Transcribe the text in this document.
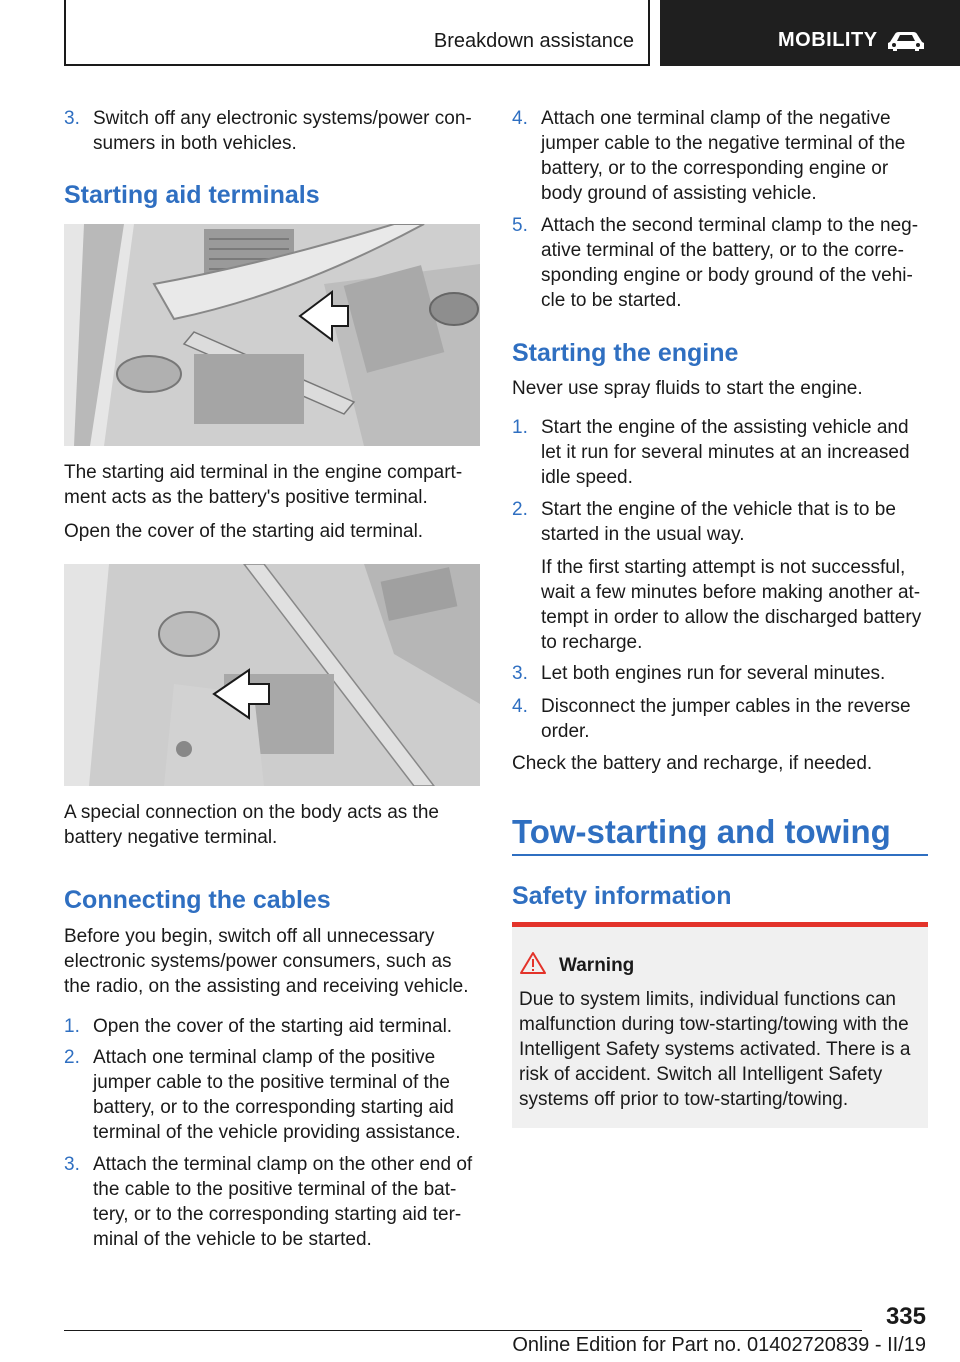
Breakdown assistance	MOBILITY
3. Switch off any electronic systems/power con-sumers in both vehicles.
Starting aid terminals
The starting aid terminal in the engine compart-ment acts as the battery's positive terminal.
Open the cover of the starting aid terminal.
A special connection on the body acts as the battery negative terminal.
Connecting the cables
Before you begin, switch off all unnecessary electronic systems/power consumers, such as the radio, on the assisting and receiving vehicle.
1. Open the cover of the starting aid terminal.
2. Attach one terminal clamp of the positive jumper cable to the positive terminal of the battery, or to the corresponding starting aid terminal of the vehicle providing assistance.
3. Attach the terminal clamp on the other end of the cable to the positive terminal of the bat-tery, or to the corresponding starting aid ter-minal of the vehicle to be started.
4. Attach one terminal clamp of the negative jumper cable to the negative terminal of the battery, or to the corresponding engine or body ground of assisting vehicle.
5. Attach the second terminal clamp to the neg-ative terminal of the battery, or to the corre-sponding engine or body ground of the vehi-cle to be started.
Starting the engine
Never use spray fluids to start the engine.
1. Start the engine of the assisting vehicle and let it run for several minutes at an increased idle speed.
2. Start the engine of the vehicle that is to be started in the usual way.
If the first starting attempt is not successful, wait a few minutes before making another at-tempt in order to allow the discharged battery to recharge.
3. Let both engines run for several minutes.
4. Disconnect the jumper cables in the reverse order.
Check the battery and recharge, if needed.
Tow-starting and towing
Safety information
Warning
Due to system limits, individual functions can malfunction during tow-starting/towing with the Intelligent Safety systems activated. There is a risk of accident. Switch all Intelligent Safety systems off prior to tow-starting/towing.
335
Online Edition for Part no. 01402720839 - II/19
